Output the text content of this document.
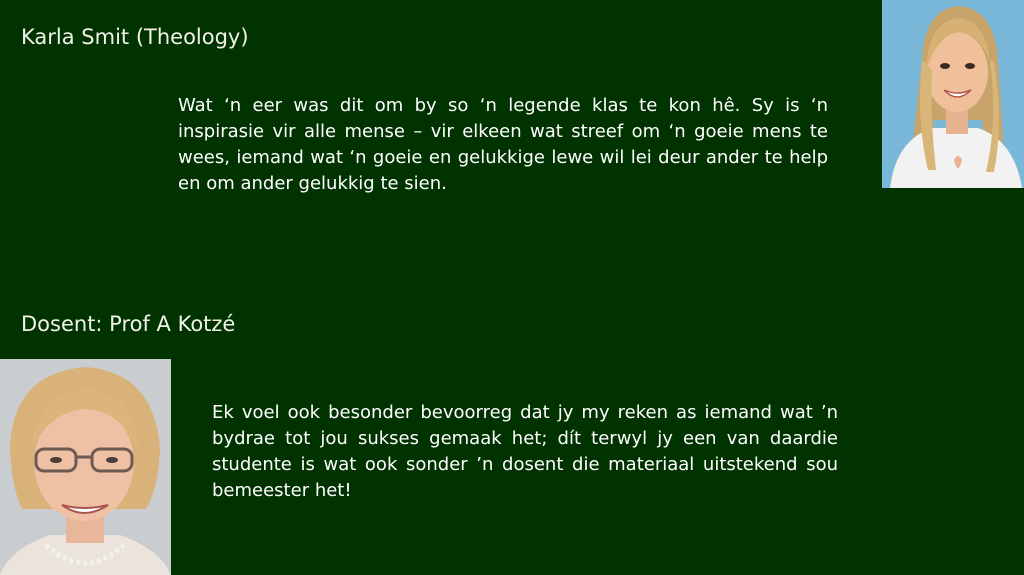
Karla Smit (Theology)
Wat ‘n eer was dit om by so ‘n legende klas te kon hê. Sy is ‘n inspirasie vir alle mense – vir elkeen wat streef om ‘n goeie mens te wees, iemand wat ‘n goeie en gelukkige lewe wil lei deur ander te help en om ander gelukkig te sien.
Dosent: Prof A Kotzé
Ek voel ook besonder bevoorreg dat jy my reken as iemand wat ’n bydrae tot jou sukses gemaak het; dít terwyl jy een van daardie studente is wat ook sonder ’n dosent die materiaal uitstekend sou bemeester het!
